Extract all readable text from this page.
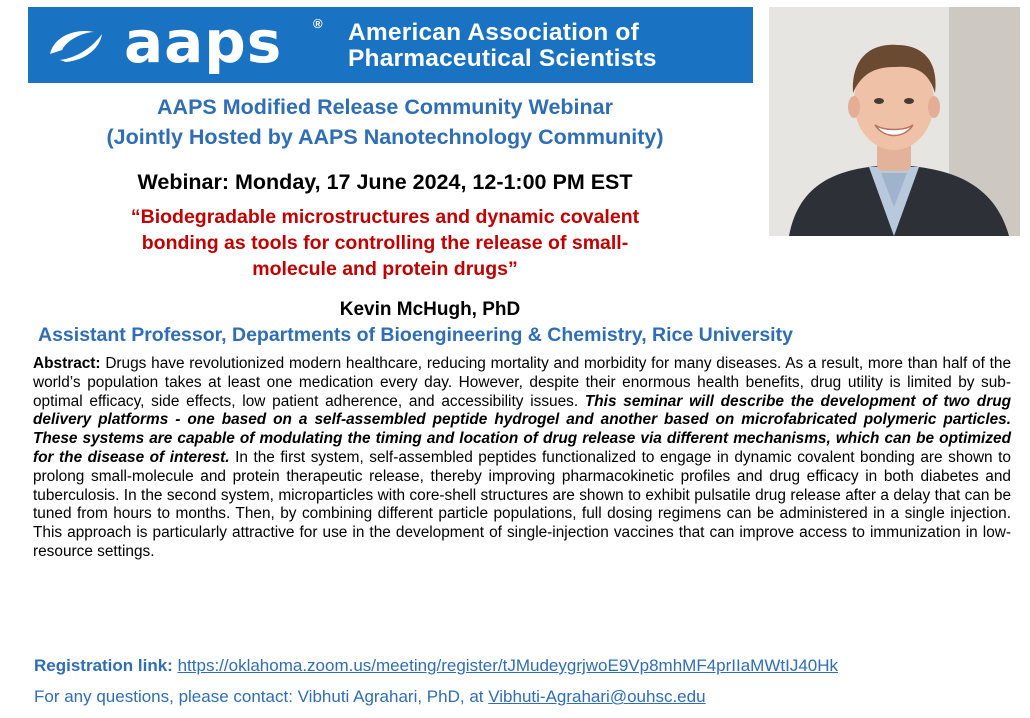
aaps ® American Association of
Pharmaceutical Scientists
AAPS Modified Release Community Webinar
(Jointly Hosted by AAPS Nanotechnology Community)
Webinar: Monday, 17 June 2024, 12-1:00 PM EST
“Biodegradable microstructures and dynamic covalent
bonding as tools for controlling the release of small-
molecule and protein drugs”
Kevin McHugh, PhD
Assistant Professor, Departments of Bioengineering & Chemistry, Rice University

Abstract: Drugs have revolutionized modern healthcare, reducing mortality and morbidity for many diseases. As a result, more than half of the world’s population takes at least one medication every day. However, despite their enormous health benefits, drug utility is limited by sub-optimal efficacy, side effects, low patient adherence, and accessibility issues. This seminar will describe the development of two drug delivery platforms - one based on a self-assembled peptide hydrogel and another based on microfabricated polymeric particles. These systems are capable of modulating the timing and location of drug release via different mechanisms, which can be optimized for the disease of interest. In the first system, self-assembled peptides functionalized to engage in dynamic covalent bonding are shown to prolong small-molecule and protein therapeutic release, thereby improving pharmacokinetic profiles and drug efficacy in both diabetes and tuberculosis. In the second system, microparticles with core-shell structures are shown to exhibit pulsatile drug release after a delay that can be tuned from hours to months. Then, by combining different particle populations, full dosing regimens can be administered in a single injection. This approach is particularly attractive for use in the development of single-injection vaccines that can improve access to immunization in low-resource settings.

Registration link: https://oklahoma.zoom.us/meeting/register/tJMudeygrjwoE9Vp8mhMF4prIIaMWtIJ40Hk
For any questions, please contact: Vibhuti Agrahari, PhD, at Vibhuti-Agrahari@ouhsc.edu
